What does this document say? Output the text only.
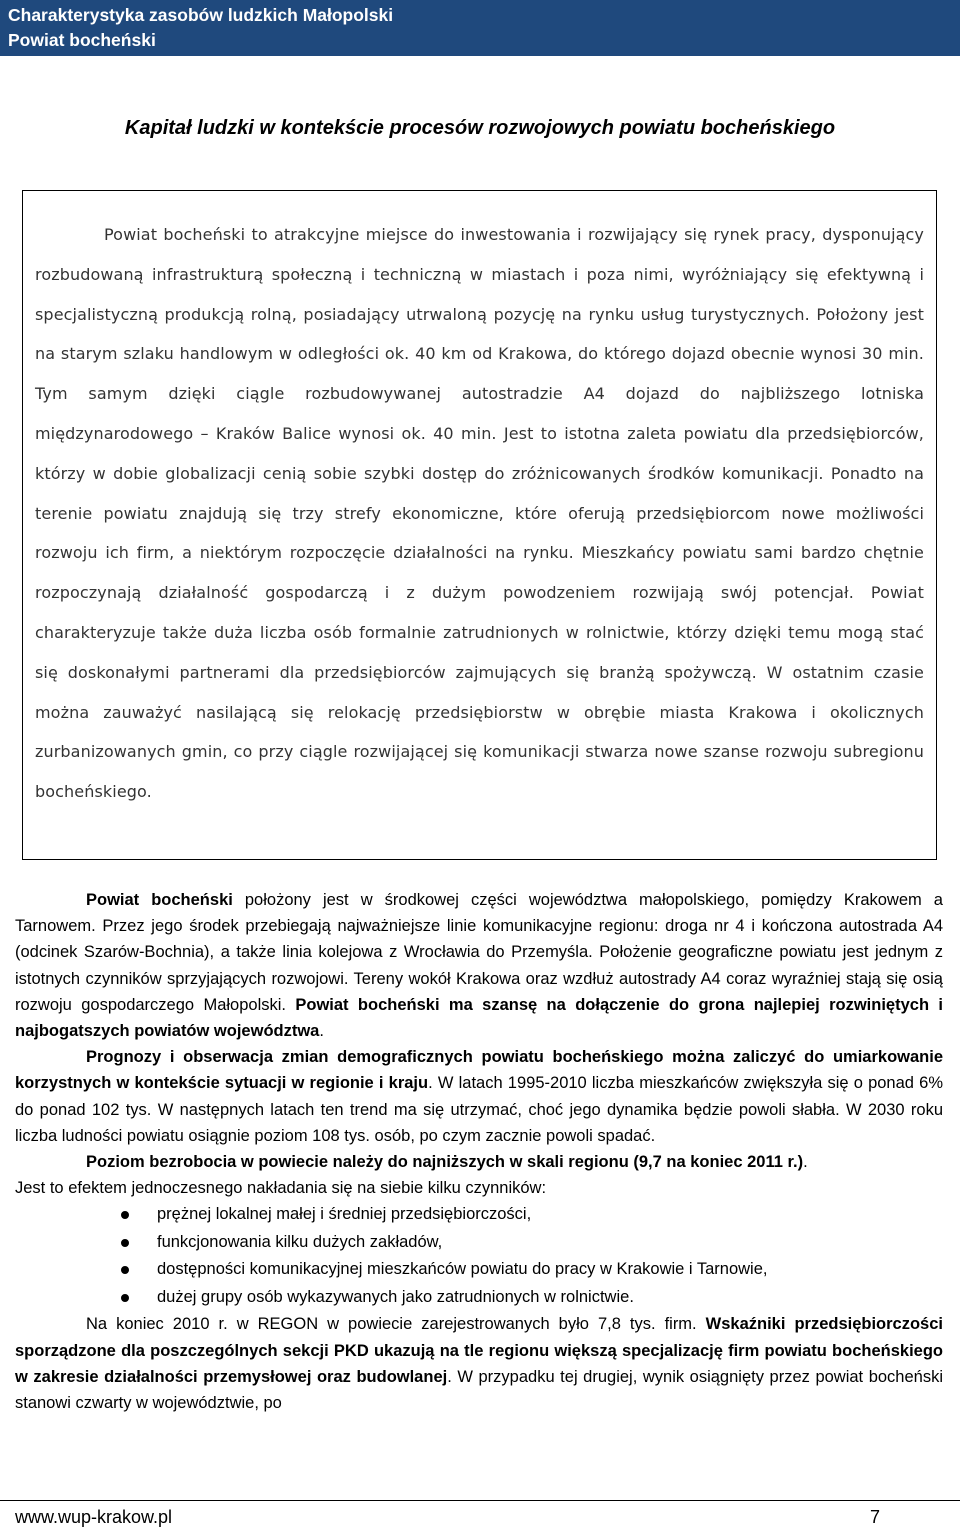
Charakterystyka zasobów ludzkich Małopolski
Powiat bocheński
Kapitał ludzki w kontekście procesów rozwojowych powiatu bocheńskiego

Powiat bocheński to atrakcyjne miejsce do inwestowania i rozwijający się rynek pracy, dysponujący rozbudowaną infrastrukturą społeczną i techniczną w miastach i poza nimi, wyróżniający się efektywną i specjalistyczną produkcją rolną, posiadający utrwaloną pozycję na rynku usług turystycznych. Położony jest na starym szlaku handlowym w odległości ok. 40 km od Krakowa, do którego dojazd obecnie wynosi 30 min. Tym samym dzięki ciągle rozbudowywanej autostradzie A4 dojazd do najbliższego lotniska międzynarodowego – Kraków Balice wynosi ok. 40 min. Jest to istotna zaleta powiatu dla przedsiębiorców, którzy w dobie globalizacji cenią sobie szybki dostęp do zróżnicowanych środków komunikacji. Ponadto na terenie powiatu znajdują się trzy strefy ekonomiczne, które oferują przedsiębiorcom nowe możliwości rozwoju ich firm, a niektórym rozpoczęcie działalności na rynku. Mieszkańcy powiatu sami bardzo chętnie rozpoczynają działalność gospodarczą i z dużym powodzeniem rozwijają swój potencjał. Powiat charakteryzuje także duża liczba osób formalnie zatrudnionych w rolnictwie, którzy dzięki temu mogą stać się doskonałymi partnerami dla przedsiębiorców zajmujących się branżą spożywczą. W ostatnim czasie można zauważyć nasilającą się relokację przedsiębiorstw w obrębie miasta Krakowa i okolicznych zurbanizowanych gmin, co przy ciągle rozwijającej się komunikacji stwarza nowe szanse rozwoju subregionu bocheńskiego.

Powiat bocheński położony jest w środkowej części województwa małopolskiego, pomiędzy Krakowem a Tarnowem. Przez jego środek przebiegają najważniejsze linie komunikacyjne regionu: droga nr 4 i kończona autostrada A4 (odcinek Szarów-Bochnia), a także linia kolejowa z Wrocławia do Przemyśla. Położenie geograficzne powiatu jest jednym z istotnych czynników sprzyjających rozwojowi. Tereny wokół Krakowa oraz wzdłuż autostrady A4 coraz wyraźniej stają się osią rozwoju gospodarczego Małopolski. Powiat bocheński ma szansę na dołączenie do grona najlepiej rozwiniętych i najbogatszych powiatów województwa.

Prognozy i obserwacja zmian demograficznych powiatu bocheńskiego można zaliczyć do umiarkowanie korzystnych w kontekście sytuacji w regionie i kraju. W latach 1995-2010 liczba mieszkańców zwiększyła się o ponad 6% do ponad 102 tys. W następnych latach ten trend ma się utrzymać, choć jego dynamika będzie powoli słabła. W 2030 roku liczba ludności powiatu osiągnie poziom 108 tys. osób, po czym zacznie powoli spadać.

Poziom bezrobocia w powiecie należy do najniższych w skali regionu (9,7 na koniec 2011 r.).

Jest to efektem jednoczesnego nakładania się na siebie kilku czynników:

prężnej lokalnej małej i średniej przedsiębiorczości,
funkcjonowania kilku dużych zakładów,
dostępności komunikacyjnej mieszkańców powiatu do pracy w Krakowie i Tarnowie,
dużej grupy osób wykazywanych jako zatrudnionych w rolnictwie.

Na koniec 2010 r. w REGON w powiecie zarejestrowanych było 7,8 tys. firm. Wskaźniki przedsiębiorczości sporządzone dla poszczególnych sekcji PKD ukazują na tle regionu większą specjalizację firm powiatu bocheńskiego w zakresie działalności przemysłowej oraz budowlanej. W przypadku tej drugiej, wynik osiągnięty przez powiat bocheński stanowi czwarty w województwie, po

www.wup-krakow.pl	7
